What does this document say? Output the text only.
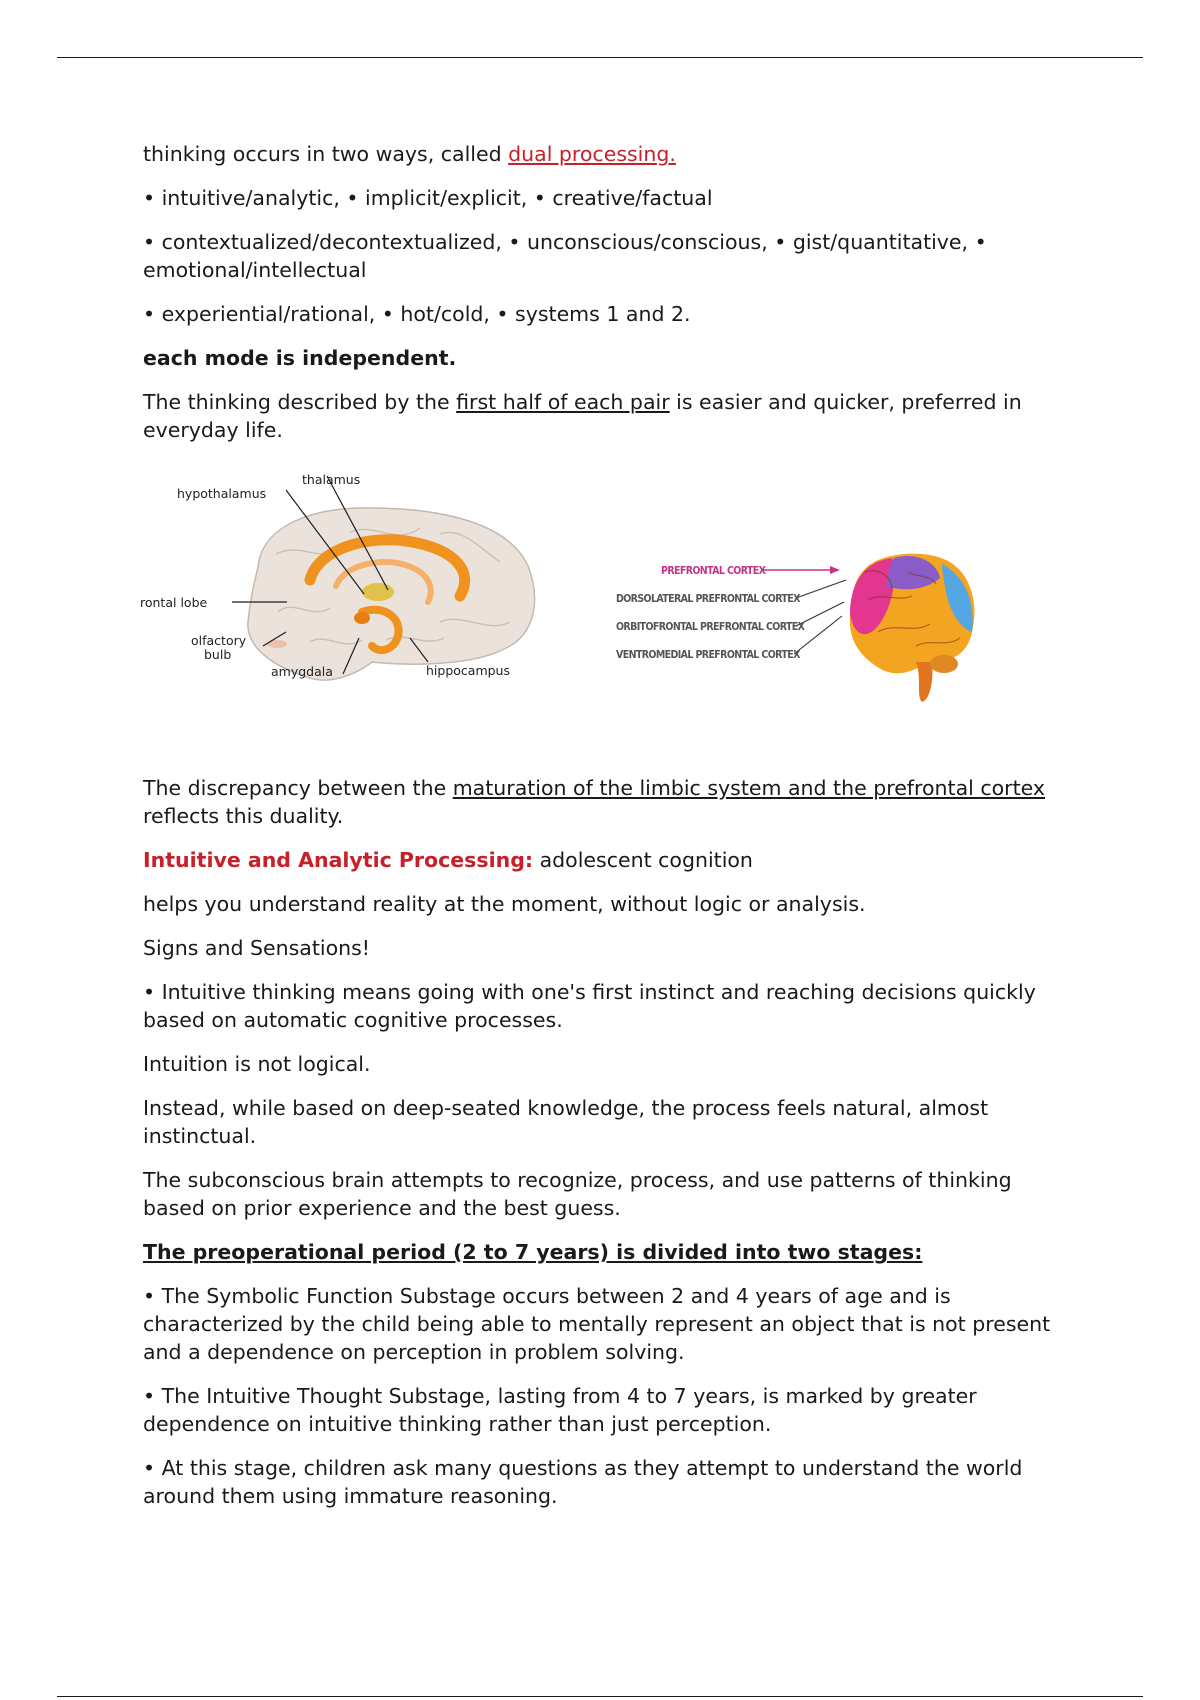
thinking occurs in two ways, called dual processing.

• intuitive/analytic, • implicit/explicit, • creative/factual

• contextualized/decontextualized, • unconscious/conscious, • gist/quantitative, • emotional/intellectual

• experiential/rational, • hot/cold, • systems 1 and 2.

each mode is independent.

The thinking described by the first half of each pair is easier and quicker, preferred in everyday life.

thalamus
hypothalamus
rontal lobe
olfactory
bulb
amygdala	hippocampus
PREFRONTAL CORTEX
DORSOLATERAL PREFRONTAL CORTEX
ORBITOFRONTAL PREFRONTAL CORTEX
VENTROMEDIAL PREFRONTAL CORTEX

The discrepancy between the maturation of the limbic system and the prefrontal cortex reflects this duality.

Intuitive and Analytic Processing: adolescent cognition

helps you understand reality at the moment, without logic or analysis.

Signs and Sensations!

• Intuitive thinking means going with one's first instinct and reaching decisions quickly based on automatic cognitive processes.

Intuition is not logical.

Instead, while based on deep-seated knowledge, the process feels natural, almost instinctual.

The subconscious brain attempts to recognize, process, and use patterns of thinking based on prior experience and the best guess.

The preoperational period (2 to 7 years) is divided into two stages:

• The Symbolic Function Substage occurs between 2 and 4 years of age and is characterized by the child being able to mentally represent an object that is not present and a dependence on perception in problem solving.

• The Intuitive Thought Substage, lasting from 4 to 7 years, is marked by greater dependence on intuitive thinking rather than just perception.

• At this stage, children ask many questions as they attempt to understand the world around them using immature reasoning.
